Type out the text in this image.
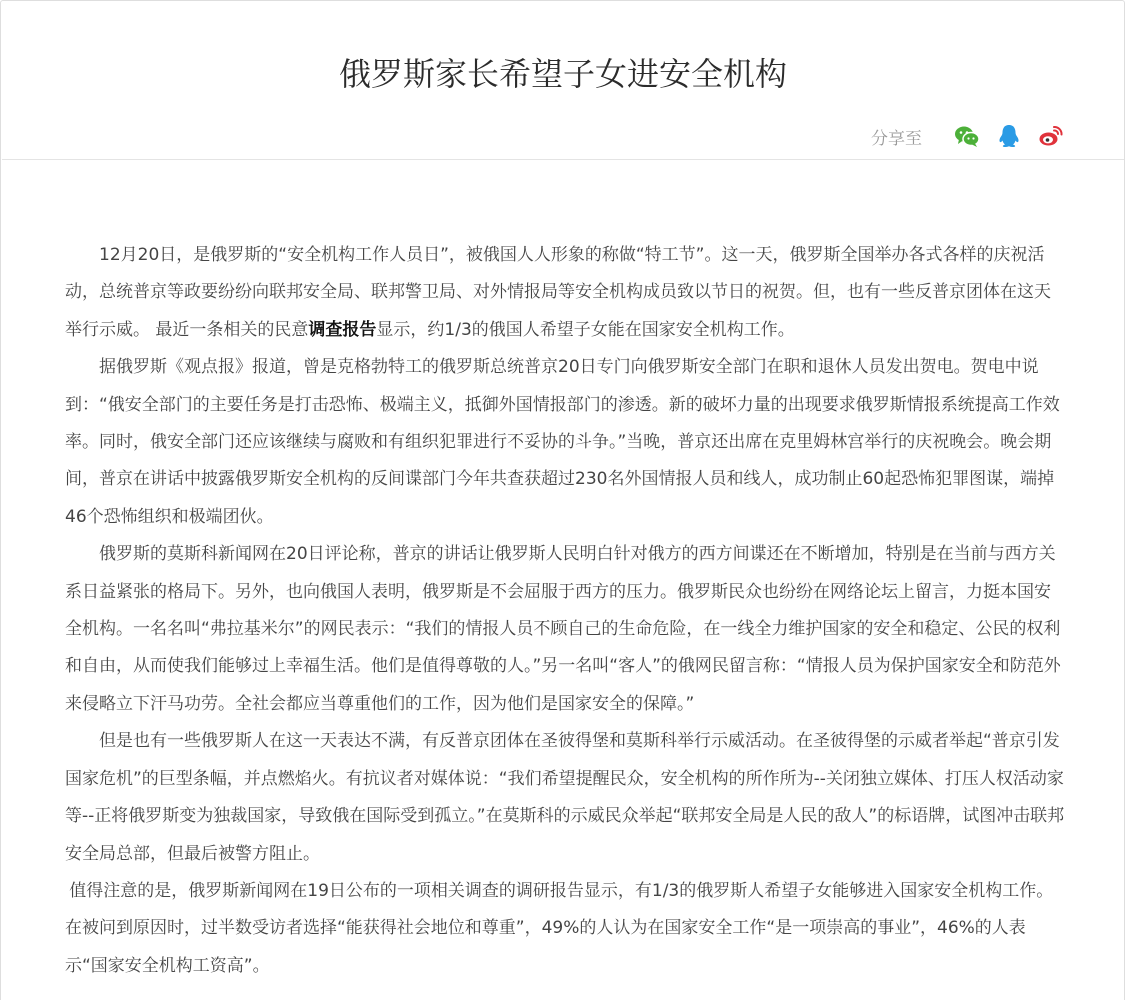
俄罗斯家长希望子女进安全机构
分享至

12月20日，是俄罗斯的“安全机构工作人员日”，被俄国人人形象的称做“特工节”。这一天，俄罗斯全国举办各式各样的庆祝活动，总统普京等政要纷纷向联邦安全局、联邦警卫局、对外情报局等安全机构成员致以节日的祝贺。但，也有一些反普京团体在这天举行示威。 最近一条相关的民意调查报告显示，约1/3的俄国人希望子女能在国家安全机构工作。

据俄罗斯《观点报》报道，曾是克格勃特工的俄罗斯总统普京20日专门向俄罗斯安全部门在职和退休人员发出贺电。贺电中说到：“俄安全部门的主要任务是打击恐怖、极端主义，抵御外国情报部门的渗透。新的破坏力量的出现要求俄罗斯情报系统提高工作效率。同时，俄安全部门还应该继续与腐败和有组织犯罪进行不妥协的斗争。”当晚，普京还出席在克里姆林宫举行的庆祝晚会。晚会期间，普京在讲话中披露俄罗斯安全机构的反间谍部门今年共查获超过230名外国情报人员和线人，成功制止60起恐怖犯罪图谋，端掉46个恐怖组织和极端团伙。

俄罗斯的莫斯科新闻网在20日评论称，普京的讲话让俄罗斯人民明白针对俄方的西方间谍还在不断增加，特别是在当前与西方关系日益紧张的格局下。另外，也向俄国人表明，俄罗斯是不会屈服于西方的压力。俄罗斯民众也纷纷在网络论坛上留言，力挺本国安全机构。一名名叫“弗拉基米尔”的网民表示：“我们的情报人员不顾自己的生命危险，在一线全力维护国家的安全和稳定、公民的权利和自由，从而使我们能够过上幸福生活。他们是值得尊敬的人。”另一名叫“客人”的俄网民留言称：“情报人员为保护国家安全和防范外来侵略立下汗马功劳。全社会都应当尊重他们的工作，因为他们是国家安全的保障。”

但是也有一些俄罗斯人在这一天表达不满，有反普京团体在圣彼得堡和莫斯科举行示威活动。在圣彼得堡的示威者举起“普京引发国家危机”的巨型条幅，并点燃焰火。有抗议者对媒体说：“我们希望提醒民众，安全机构的所作所为--关闭独立媒体、打压人权活动家等--正将俄罗斯变为独裁国家，导致俄在国际受到孤立。”在莫斯科的示威民众举起“联邦安全局是人民的敌人”的标语牌，试图冲击联邦安全局总部，但最后被警方阻止。

值得注意的是，俄罗斯新闻网在19日公布的一项相关调查的调研报告显示，有1/3的俄罗斯人希望子女能够进入国家安全机构工作。在被问到原因时，过半数受访者选择“能获得社会地位和尊重”，49%的人认为在国家安全工作“是一项崇高的事业”，46%的人表示“国家安全机构工资高”。
